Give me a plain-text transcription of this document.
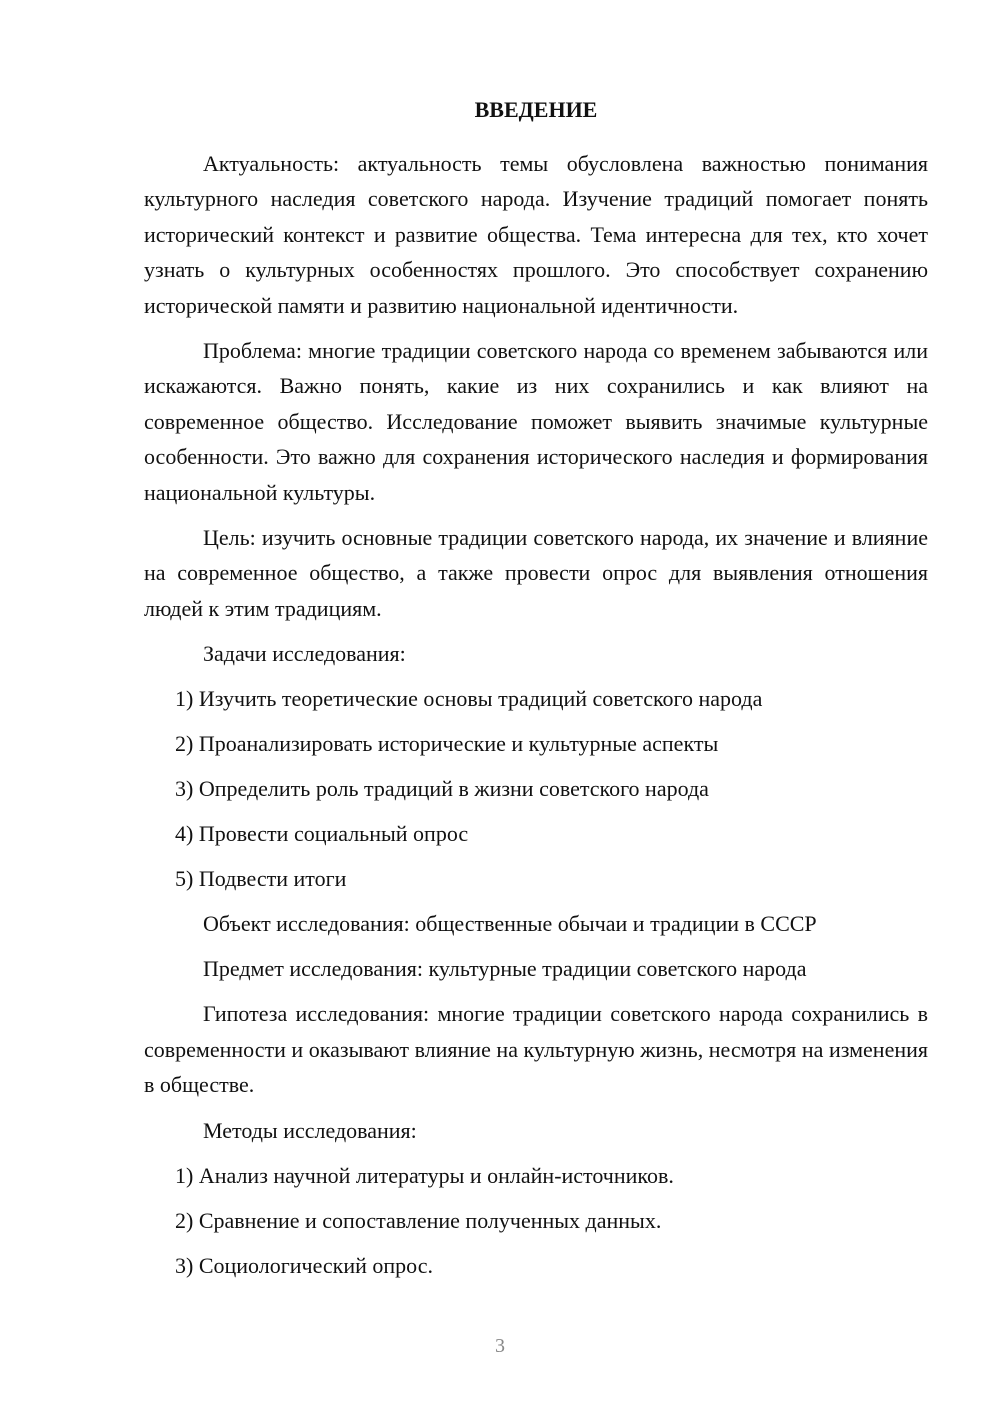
ВВЕДЕНИЕ

Актуальность: актуальность темы обусловлена важностью понимания культурного наследия советского народа. Изучение традиций помогает понять исторический контекст и развитие общества. Тема интересна для тех, кто хочет узнать о культурных особенностях прошлого. Это способствует сохранению исторической памяти и развитию национальной идентичности.

Проблема: многие традиции советского народа со временем забываются или искажаются. Важно понять, какие из них сохранились и как влияют на современное общество. Исследование поможет выявить значимые культурные особенности. Это важно для сохранения исторического наследия и формирования национальной культуры.

Цель: изучить основные традиции советского народа, их значение и влияние на современное общество, а также провести опрос для выявления отношения людей к этим традициям.

Задачи исследования:
1) Изучить теоретические основы традиций советского народа
2) Проанализировать исторические и культурные аспекты
3) Определить роль традиций в жизни советского народа
4) Провести социальный опрос
5) Подвести итоги
Объект исследования: общественные обычаи и традиции в СССР
Предмет исследования: культурные традиции советского народа

Гипотеза исследования: многие традиции советского народа сохранились в современности и оказывают влияние на культурную жизнь, несмотря на изменения в обществе.

Методы исследования:
1) Анализ научной литературы и онлайн-источников.
2) Сравнение и сопоставление полученных данных.
3) Социологический опрос.
3
